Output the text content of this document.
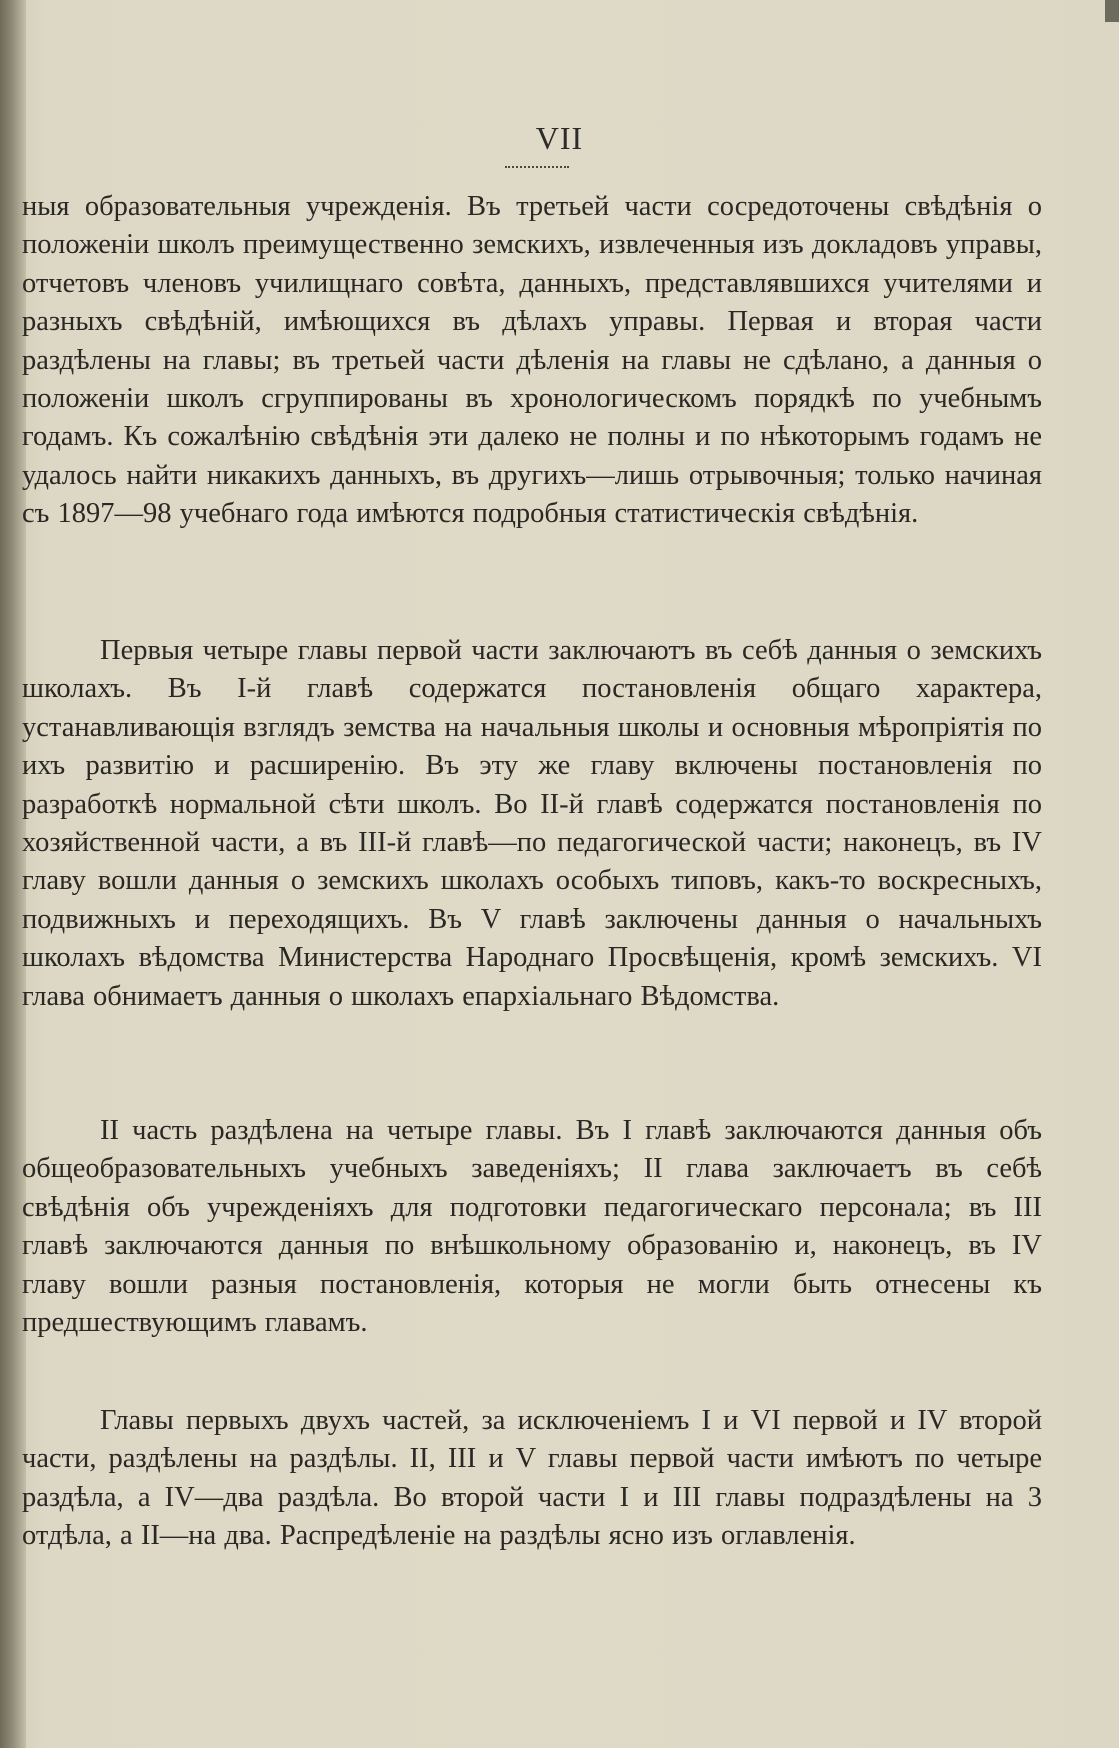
VII

ныя образовательныя учрежденія. Въ третьей части сосредоточены свѣдѣнія о положеніи школъ преимущественно земскихъ, извлеченныя изъ докладовъ управы, отчетовъ членовъ училищнаго совѣта, данныхъ, представлявшихся учителями и разныхъ свѣдѣній, имѣющихся въ дѣлахъ управы. Первая и вторая части раздѣлены на главы; въ третьей части дѣленія на главы не сдѣлано, а данныя о положеніи школъ сгруппированы въ хронологическомъ порядкѣ по учебнымъ годамъ. Къ сожалѣнію свѣдѣнія эти далеко не полны и по нѣкоторымъ годамъ не удалось найти никакихъ данныхъ, въ другихъ—лишь отрывочныя; только начиная съ 1897—98 учебнаго года имѣются подробныя статистическія свѣдѣнія.

Первыя четыре главы первой части заключаютъ въ себѣ данныя о земскихъ школахъ. Въ I-й главѣ содержатся постановленія общаго характера, устанавливающія взглядъ земства на начальныя школы и основныя мѣропріятія по ихъ развитію и расширенію. Въ эту же главу включены постановленія по разработкѣ нормальной сѣти школъ. Во II-й главѣ содержатся постановленія по хозяйственной части, а въ III-й главѣ—по педагогической части; наконецъ, въ IV главу вошли данныя о земскихъ школахъ особыхъ типовъ, какъ-то воскресныхъ, подвижныхъ и переходящихъ. Въ V главѣ заключены данныя о начальныхъ школахъ вѣдомства Министерства Народнаго Просвѣщенія, кромѣ земскихъ. VI глава обнимаетъ данныя о школахъ епархіальнаго Вѣдомства.

II часть раздѣлена на четыре главы. Въ I главѣ заключаются данныя объ общеобразовательныхъ учебныхъ заведеніяхъ; II глава заключаетъ въ себѣ свѣдѣнія объ учрежденіяхъ для подготовки педагогическаго персонала; въ III главѣ заключаются данныя по внѣшкольному образованію и, наконецъ, въ IV главу вошли разныя постановленія, которыя не могли быть отнесены къ предшествующимъ главамъ.

Главы первыхъ двухъ частей, за исключеніемъ I и VI первой и IV второй части, раздѣлены на раздѣлы. II, III и V главы первой части имѣютъ по четыре раздѣла, а IV—два раздѣла. Во второй части I и III главы подраздѣлены на 3 отдѣла, а II—на два. Распредѣленіе на раздѣлы ясно изъ оглавленія.
